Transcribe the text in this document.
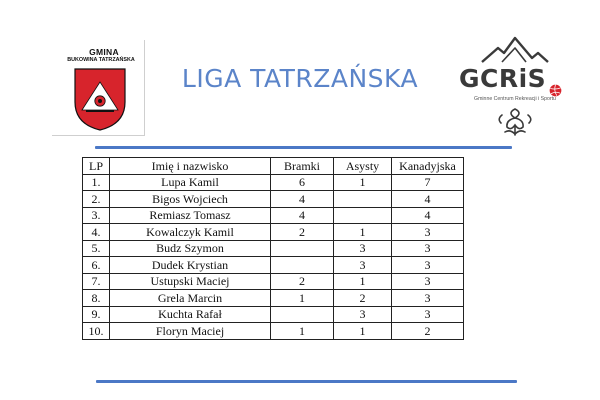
GMINA
BUKOWINA TATRZAŃSKA
LIGA TATRZAŃSKA GCRiS
Gminne Centrum Rekreacji i Sportu
LP	Imię i nazwisko	Bramki	Asysty	Kanadyjska
1.	Lupa Kamil	6	1	7
2.	Bigos Wojciech	4		4
3.	Remiasz Tomasz	4		4
4.	Kowalczyk Kamil	2	1	3
5.	Budz Szymon		3	3
6.	Dudek Krystian		3	3
7.	Ustupski Maciej	2	1	3
8.	Grela Marcin	1	2	3
9.	Kuchta Rafał		3	3
10.	Floryn Maciej	1	1	2
